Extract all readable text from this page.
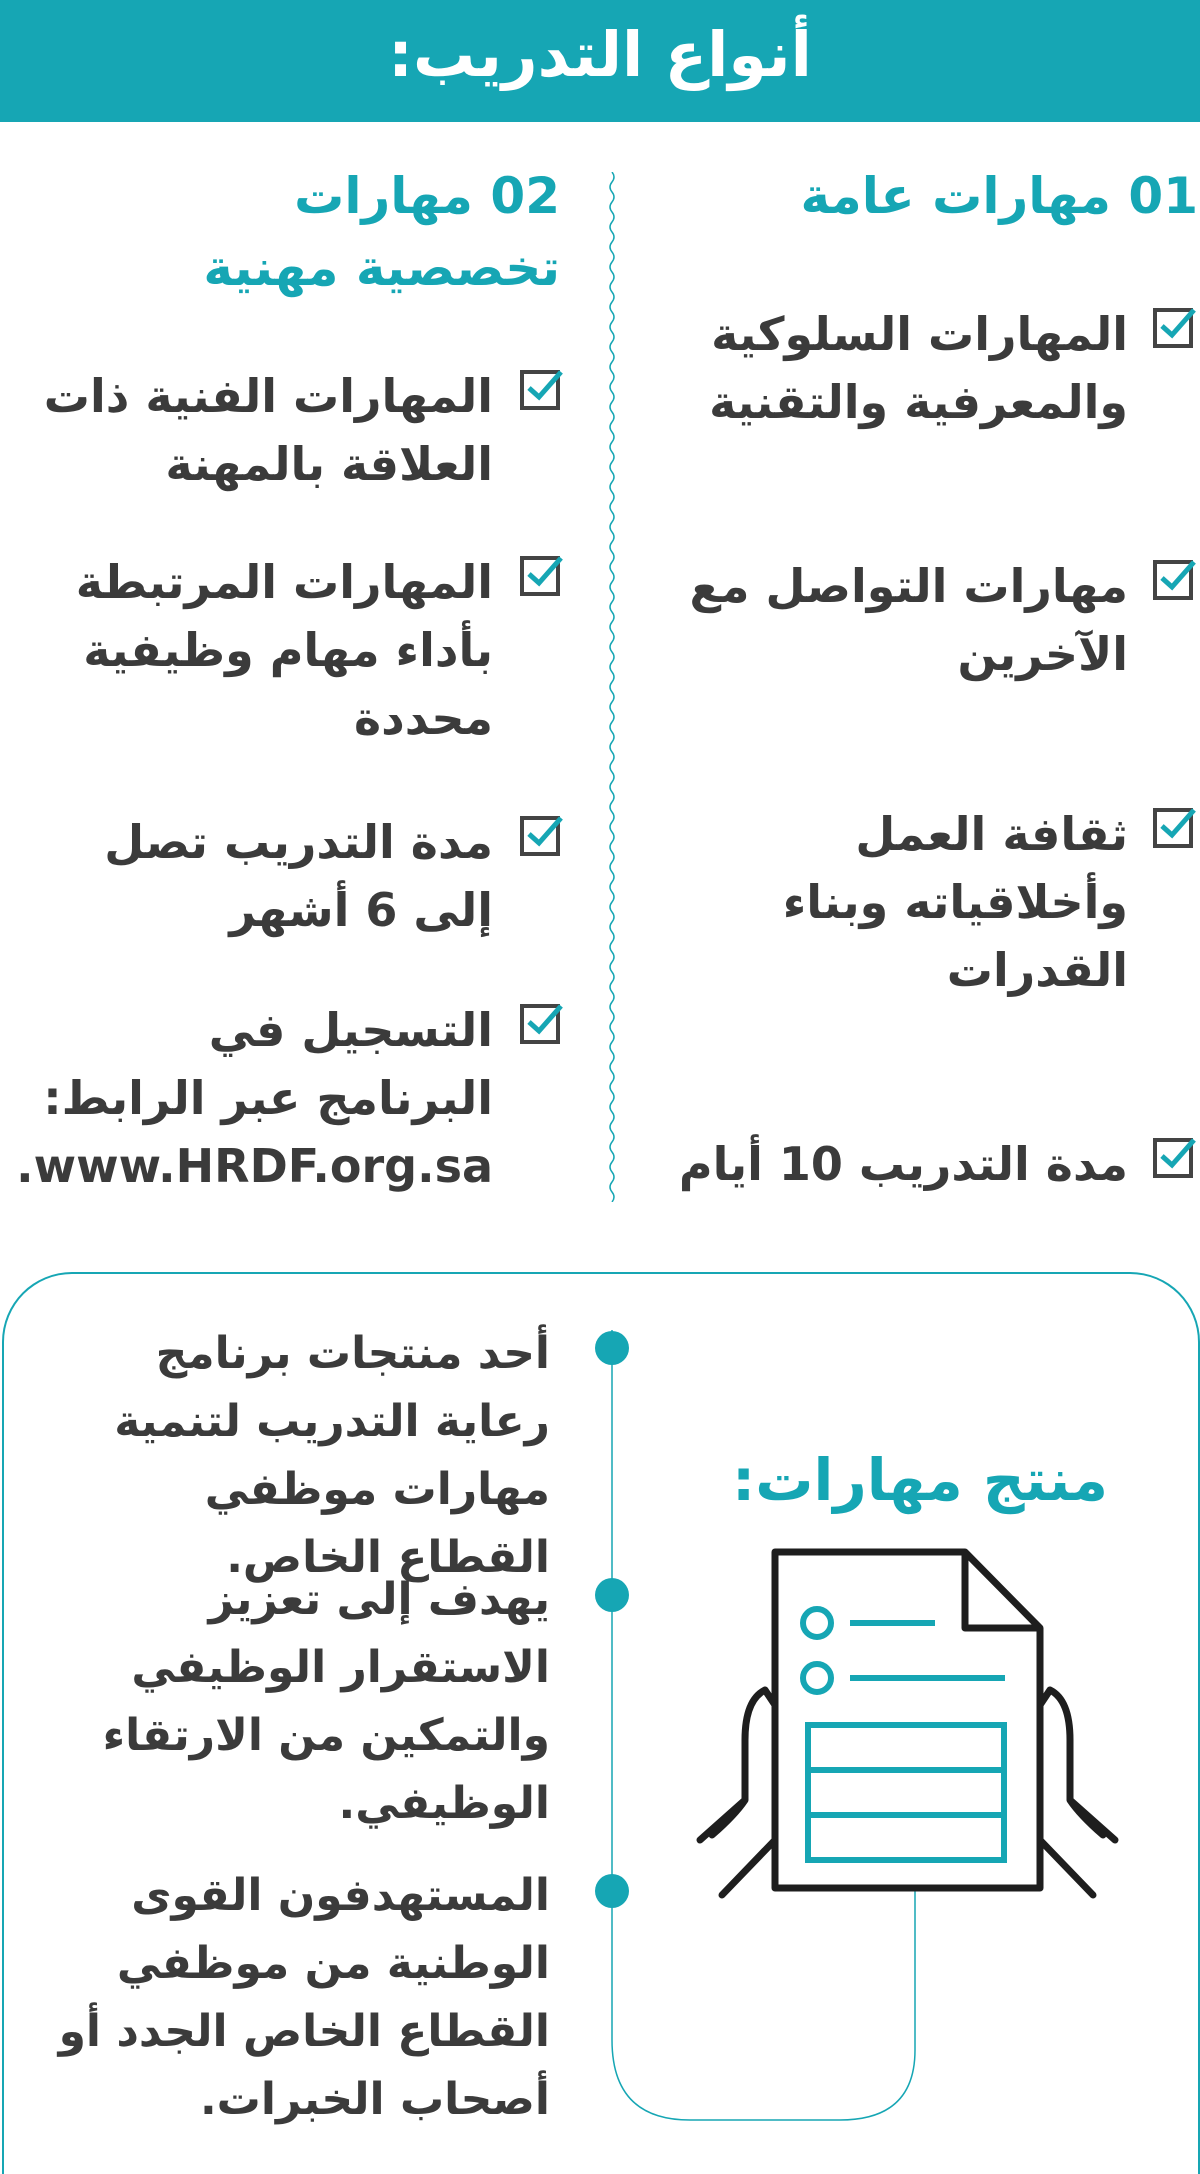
أنواع التدريب:
01 مهارات عامة
المهارات السلوكية والمعرفية والتقنية
مهارات التواصل مع الآخرين
ثقافة العمل وأخلاقياته وبناء القدرات
مدة التدريب 10 أيام
02 مهارات تخصصية مهنية
المهارات الفنية ذات العلاقة بالمهنة
المهارات المرتبطة بأداء مهام وظيفية محددة
مدة التدريب تصل إلى 6 أشهر
التسجيل في البرنامج عبر الرابط: www.HRDF.org.sa.
أحد منتجات برنامج رعاية التدريب لتنمية مهارات موظفي القطاع الخاص.
يهدف إلى تعزيز الاستقرار الوظيفي والتمكين من الارتقاء الوظيفي.
المستهدفون القوى الوطنية من موظفي القطاع الخاص الجدد أو أصحاب الخبرات.
منتج مهارات:
